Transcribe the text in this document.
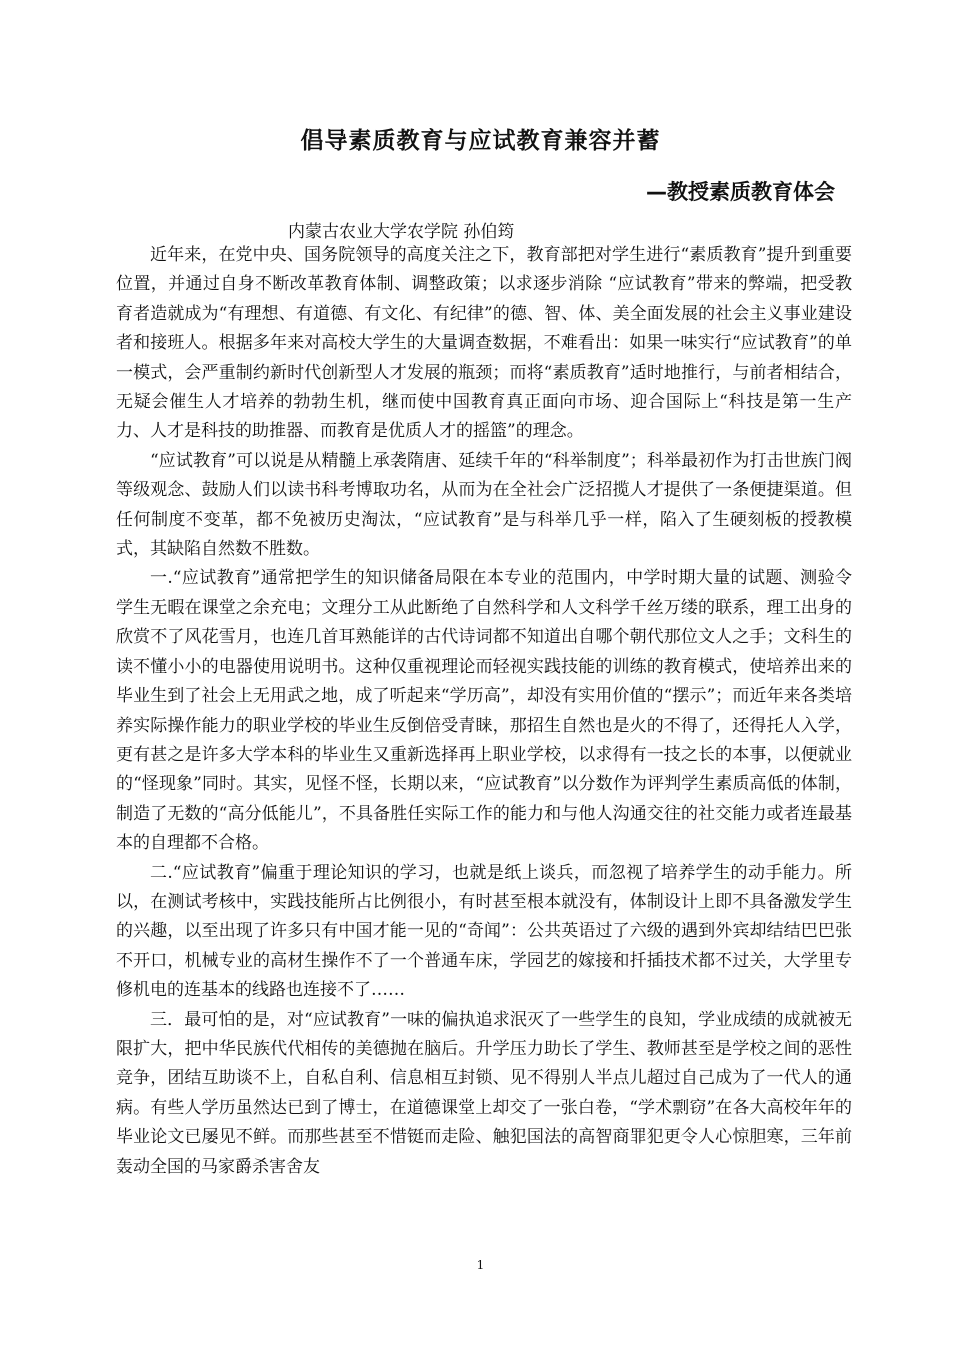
倡导素质教育与应试教育兼容并蓄
—教授素质教育体会
内蒙古农业大学农学院 孙伯筠

近年来，在党中央、国务院领导的高度关注之下，教育部把对学生进行“素质教育”提升到重要位置，并通过自身不断改革教育体制、调整政策；以求逐步消除 “应试教育”带来的弊端，把受教育者造就成为“有理想、有道德、有文化、有纪律”的德、智、体、美全面发展的社会主义事业建设者和接班人。根据多年来对高校大学生的大量调查数据，不难看出：如果一味实行“应试教育”的单一模式，会严重制约新时代创新型人才发展的瓶颈；而将“素质教育”适时地推行，与前者相结合，无疑会催生人才培养的勃勃生机，继而使中国教育真正面向市场、迎合国际上“科技是第一生产力、人才是科技的助推器、而教育是优质人才的摇篮”的理念。

“应试教育”可以说是从精髓上承袭隋唐、延续千年的“科举制度”；科举最初作为打击世族门阀等级观念、鼓励人们以读书科考博取功名，从而为在全社会广泛招揽人才提供了一条便捷渠道。但任何制度不变革，都不免被历史淘汰，“应试教育”是与科举几乎一样，陷入了生硬刻板的授教模式，其缺陷自然数不胜数。

一.“应试教育”通常把学生的知识储备局限在本专业的范围内，中学时期大量的试题、测验令学生无暇在课堂之余充电；文理分工从此断绝了自然科学和人文科学千丝万缕的联系，理工出身的欣赏不了风花雪月，也连几首耳熟能详的古代诗词都不知道出自哪个朝代那位文人之手；文科生的读不懂小小的电器使用说明书。这种仅重视理论而轻视实践技能的训练的教育模式，使培养出来的毕业生到了社会上无用武之地，成了听起来“学历高”，却没有实用价值的“摆示”；而近年来各类培养实际操作能力的职业学校的毕业生反倒倍受青睐，那招生自然也是火的不得了，还得托人入学，更有甚之是许多大学本科的毕业生又重新选择再上职业学校，以求得有一技之长的本事，以便就业的“怪现象”同时。其实，见怪不怪，长期以来，“应试教育”以分数作为评判学生素质高低的体制，制造了无数的“高分低能儿”，不具备胜任实际工作的能力和与他人沟通交往的社交能力或者连最基本的自理都不合格。

二.“应试教育”偏重于理论知识的学习，也就是纸上谈兵，而忽视了培养学生的动手能力。所以，在测试考核中，实践技能所占比例很小，有时甚至根本就没有，体制设计上即不具备激发学生的兴趣，以至出现了许多只有中国才能一见的“奇闻”：公共英语过了六级的遇到外宾却结结巴巴张不开口，机械专业的高材生操作不了一个普通车床，学园艺的嫁接和扦插技术都不过关，大学里专修机电的连基本的线路也连接不了……

三．最可怕的是，对“应试教育”一味的偏执追求泯灭了一些学生的良知，学业成绩的成就被无限扩大，把中华民族代代相传的美德抛在脑后。升学压力助长了学生、教师甚至是学校之间的恶性竞争，团结互助谈不上，自私自利、信息相互封锁、见不得别人半点儿超过自己成为了一代人的通病。有些人学历虽然达已到了博士，在道德课堂上却交了一张白卷，“学术剽窃”在各大高校年年的毕业论文已屡见不鲜。而那些甚至不惜铤而走险、触犯国法的高智商罪犯更令人心惊胆寒，三年前轰动全国的马家爵杀害舍友

1
